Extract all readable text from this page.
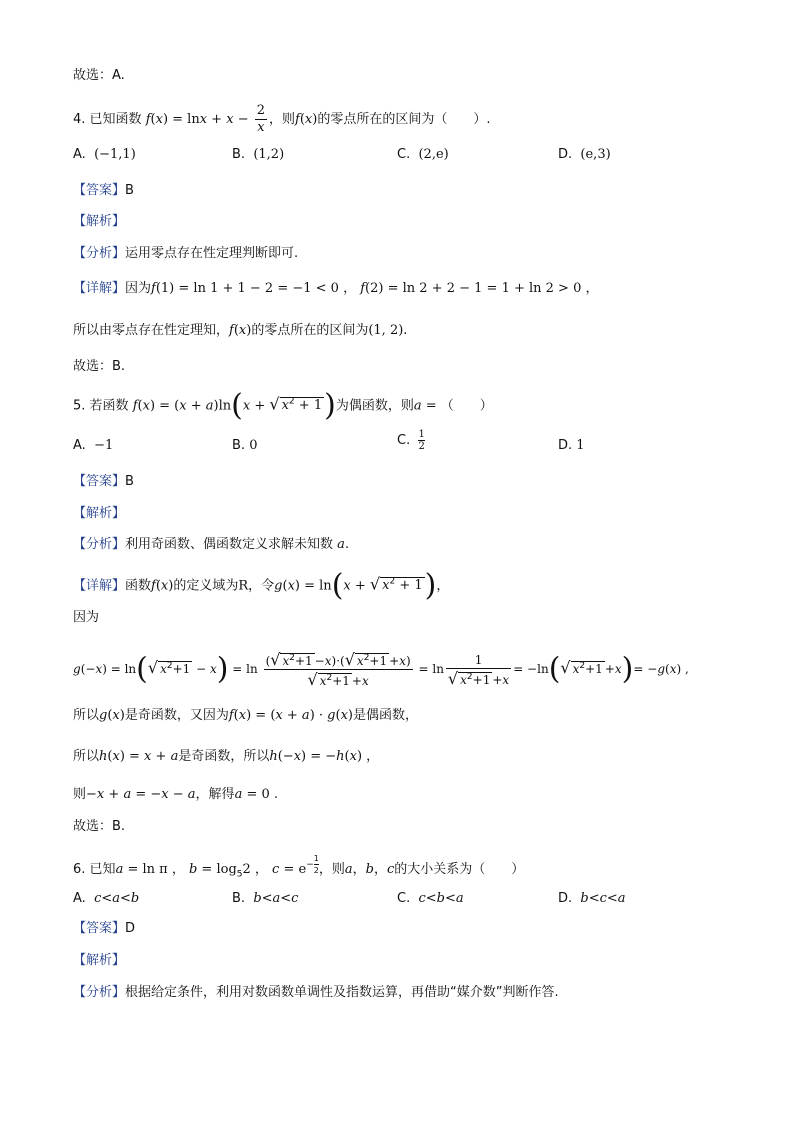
故选：A.
4. 已知函数 $f(x) = \ln x + x - \frac{2}{x}$ ，则f(x)的零点所在的区间为（　　）.
A. (−1,1)	B. (1,2)	C. (2,e)	D. (e,3)
【答案】B
【解析】
【分析】运用零点存在性定理判断即可.
【详解】因为f(1) = ln 1 + 1 − 2 = −1 < 0 ， f(2) = ln 2 + 2 − 1 = 1 + ln 2 > 0 ，
所以由零点存在性定理知，f(x)的零点所在的区间为(1, 2).
故选：B.
5. 若函数 f(x) = (x + a)ln(x + √ $x^2 + 1$)为偶函数，则a = （　　）
A. −1	B. 0	C. $\frac{1}{2}$	D. 1
【答案】B
【解析】
【分析】利用奇函数、偶函数定义求解未知数 a.
【详解】函数f(x)的定义域为R，令g(x) = ln(x + √ $x^2 + 1$)，
因为
g(−x) = ln(√ $x^2+1 - x) = \ln \frac{(√ x^2+1 -x)\cdot(√ x^2+1 +x)}{√ x^2+1 +x} = \ln \frac{1}{√ x^2+1 +x} = -\ln(√$ $x^2+1 +x)= -g(x)$ ,
所以g(x)是奇函数，又因为f(x) = (x + a) · g(x)是偶函数，
所以h(x) = x + a是奇函数，所以h(−x) = −h(x) ，
则−x + a = −x − a，解得a = 0 .
故选：B.
6. 已知a = ln π ， $b = \log_52$ ， $c = e^{- \frac{1}{2}}$ ，则a，b，c的大小关系为（　　）
A. c<a<b	B. b<a<c	C. c<b<a	D. b<c<a
【答案】D
【解析】
【分析】根据给定条件，利用对数函数单调性及指数运算，再借助“媒介数”判断作答.
